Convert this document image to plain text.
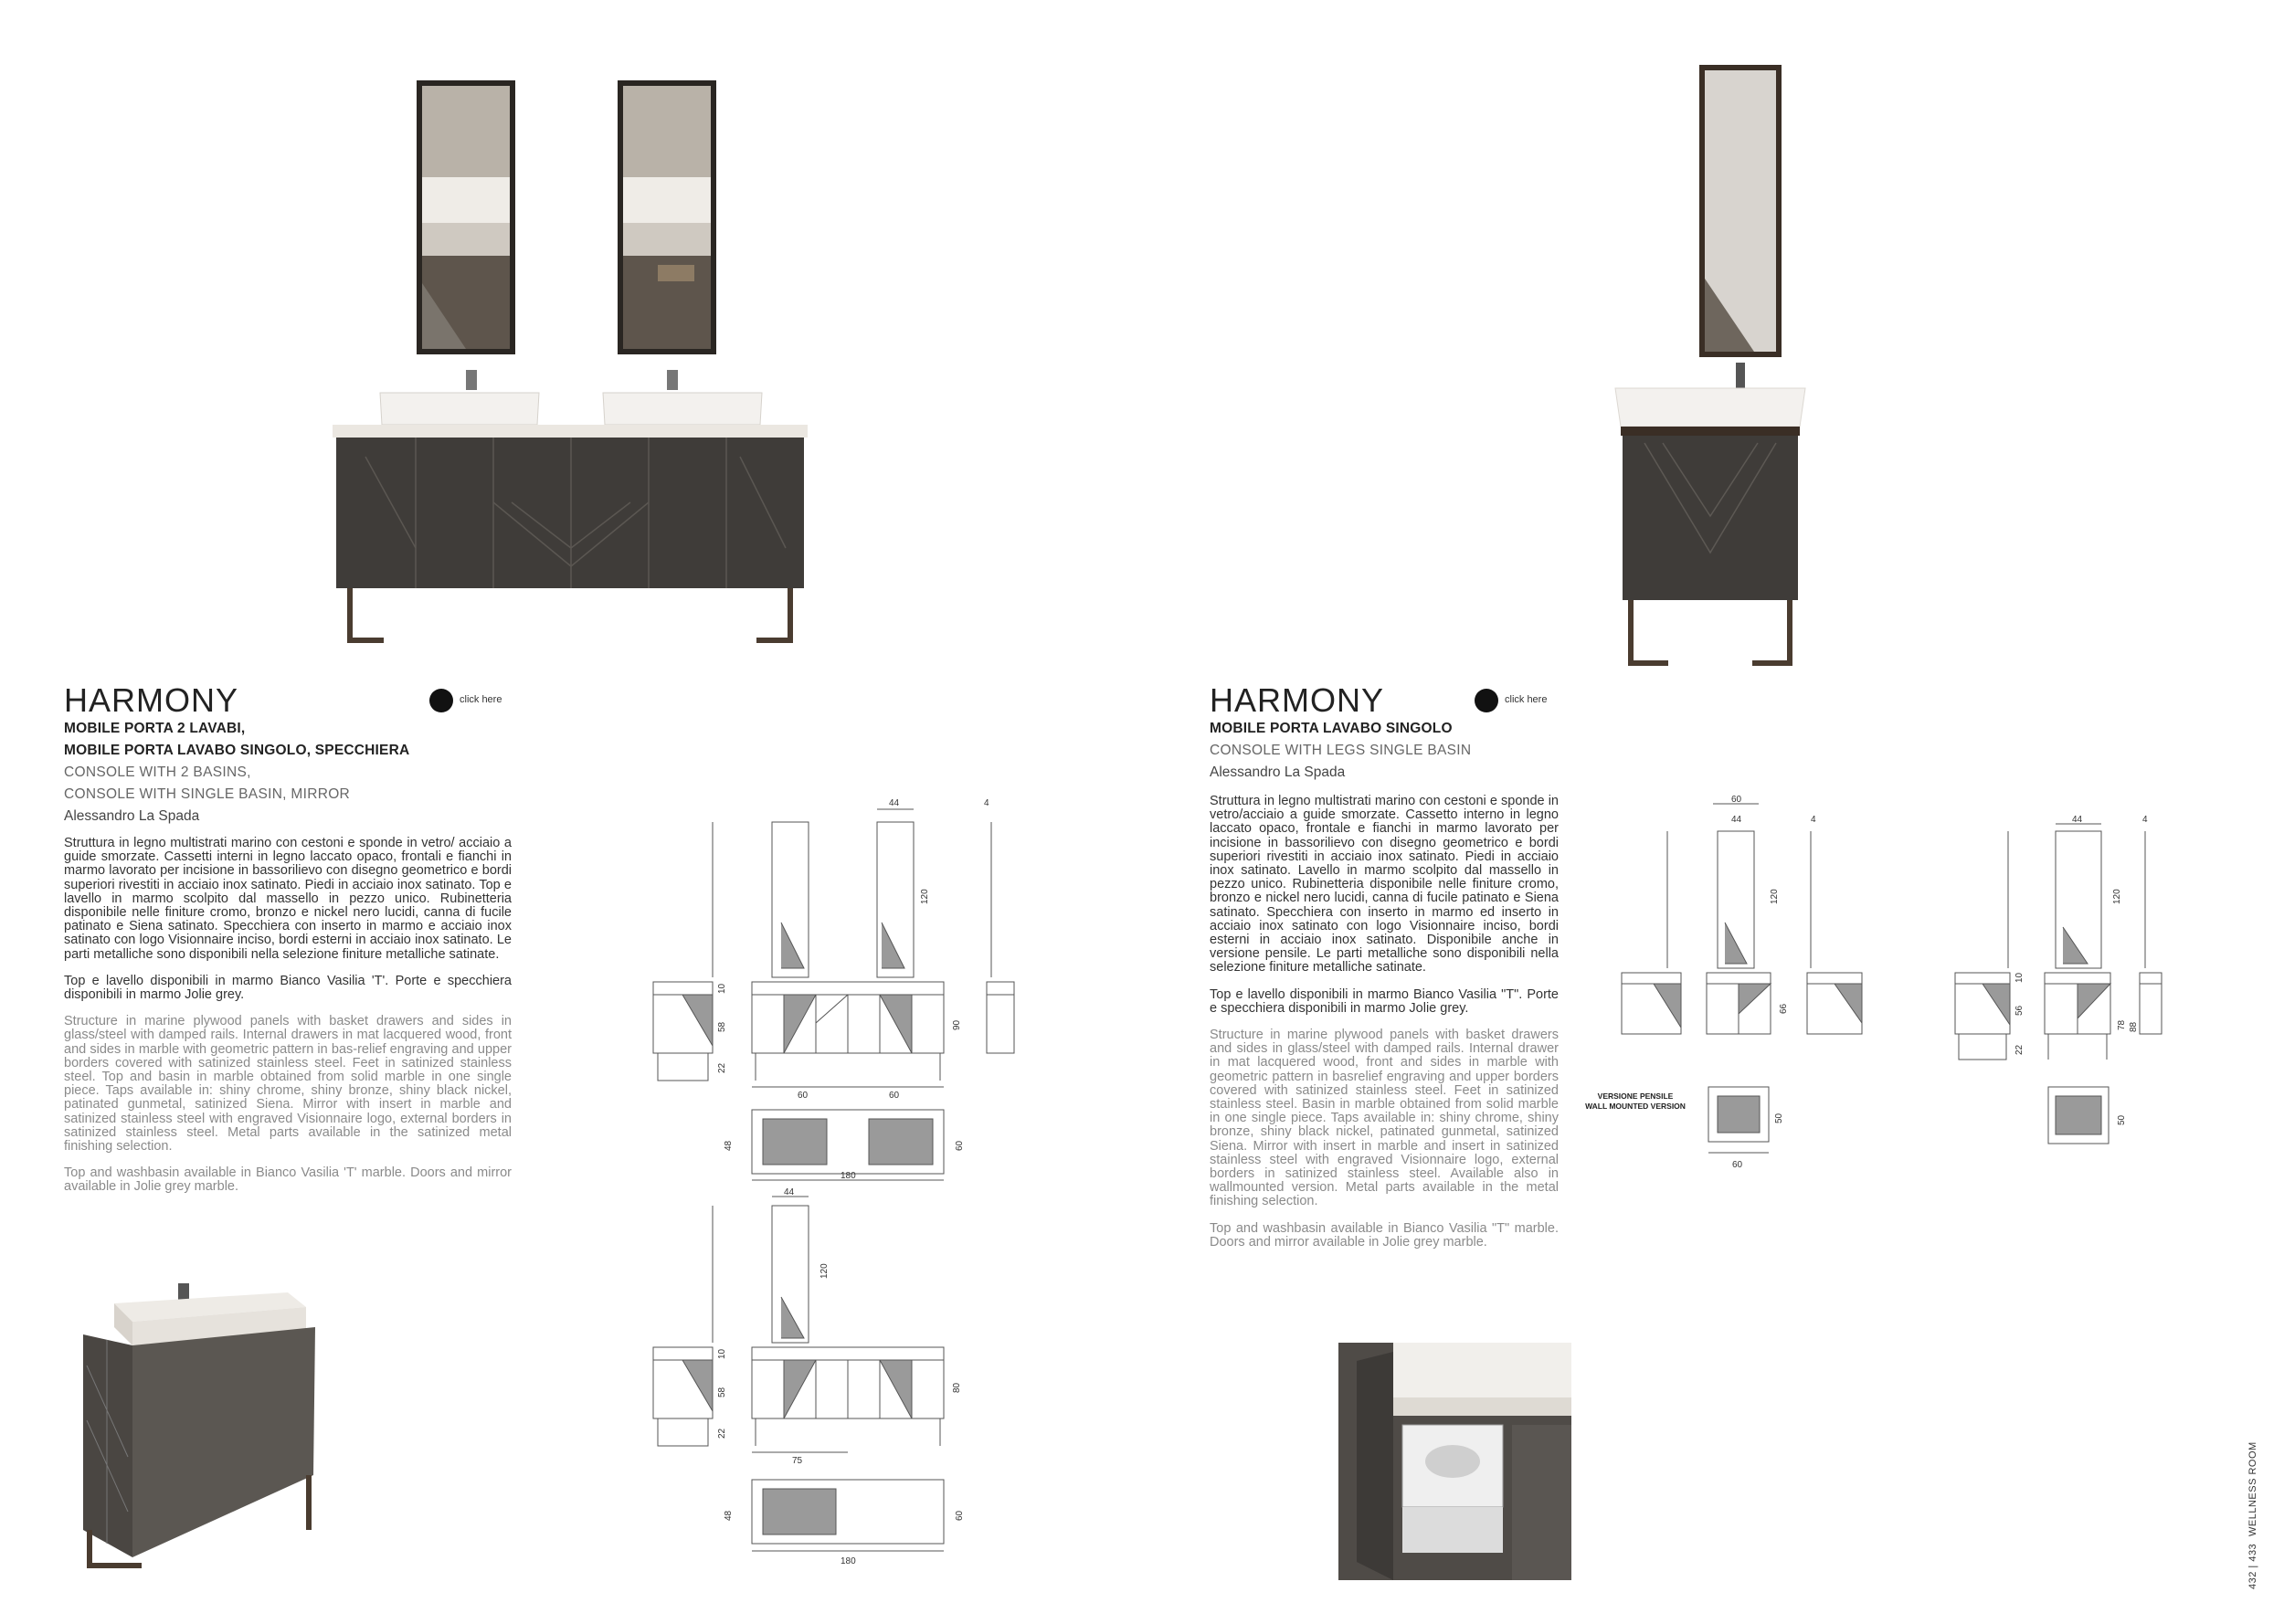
HARMONY	click here
MOBILE PORTA 2 LAVABI,
MOBILE PORTA LAVABO SINGOLO, SPECCHIERA
CONSOLE WITH 2 BASINS,
CONSOLE WITH SINGLE BASIN, MIRROR
Alessandro La Spada

Struttura in legno multistrati marino con cestoni e sponde in vetro/ acciaio a guide smorzate. Cassetti interni in legno laccato opaco, frontali e fianchi in marmo lavorato per incisione in bassorilievo con disegno geometrico e bordi superiori rivestiti in acciaio inox satinato. Piedi in acciaio inox satinato. Top e lavello in marmo scolpito dal massello in pezzo unico. Rubinetteria disponibile nelle finiture cromo, bronzo e nickel nero lucidi, canna di fucile patinato e Siena satinato. Specchiera con inserto in marmo e acciaio inox satinato con logo Visionnaire inciso, bordi esterni in acciaio inox satinato. Le parti metalliche sono disponibili nella selezione finiture metalliche satinate.

Top e lavello disponibili in marmo Bianco Vasilia 'T'. Porte e specchiera disponibili in marmo Jolie grey.

Structure in marine plywood panels with basket drawers and sides in glass/steel with damped rails. Internal drawers in mat lacquered wood, front and sides in marble with geometric pattern in bas-relief engraving and upper borders covered with satinized stainless steel. Feet in satinized stainless steel. Top and basin in marble obtained from solid marble in one single piece. Taps available in: shiny chrome, shiny bronze, shiny black nickel, patinated gunmetal, satinized Siena. Mirror with insert in marble and satinized stainless steel with engraved Visionnaire logo, external borders in satinized stainless steel. Metal parts available in the satinized metal finishing selection.

Top and washbasin available in Bianco Vasilia 'T' marble. Doors and mirror available in Jolie grey marble.

44	4
120
10
58
22
90
60	60
48	60
180
44
120
10
58
22
80
75
48	60
180
HARMONY	click here
MOBILE PORTA LAVABO SINGOLO
CONSOLE WITH LEGS SINGLE BASIN
Alessandro La Spada

Struttura in legno multistrati marino con cestoni e sponde in vetro/acciaio a guide smorzate. Cassetto interno in legno laccato opaco, frontale e fianchi in marmo lavorato per incisione in bassorilievo con disegno geometrico e bordi superiori rivestiti in acciaio inox satinato. Piedi in acciaio inox satinato. Lavello in marmo scolpito dal massello in pezzo unico. Rubinetteria disponibile nelle finiture cromo, bronzo e nickel nero lucidi, canna di fucile patinato e Siena satinato. Specchiera con inserto in marmo ed inserto in acciaio inox satinato con logo Visionnaire inciso, bordi esterni in acciaio inox satinato. Disponibile anche in versione pensile. Le parti metalliche sono disponibili nella selezione finiture metalliche satinate.

Top e lavello disponibili in marmo Bianco Vasilia "T". Porte e specchiera disponibili in marmo Jolie grey.

Structure in marine plywood panels with basket drawers and sides in glass/steel with damped rails. Internal drawer in mat lacquered wood, front and sides in marble with geometric pattern in basrelief engraving and upper borders covered with satinized stainless steel. Feet in satinized stainless steel. Basin in marble obtained from solid marble in one single piece. Taps available in: shiny chrome, shiny bronze, shiny black nickel, patinated gunmetal, satinized Siena. Mirror with insert in marble and insert in satinized stainless steel with engraved Visionnaire logo, external borders in satinized stainless steel. Available also in wallmounted version. Metal parts available in the metal finishing selection.

Top and washbasin available in Bianco Vasilia "T" marble. Doors and mirror available in Jolie grey marble.

60
44	4
120
66
50
60
VERSIONE PENSILE
WALL MOUNTED VERSION
44	4
120
10
56
22
78 88
50
432 | 433
WELLNESS ROOM
